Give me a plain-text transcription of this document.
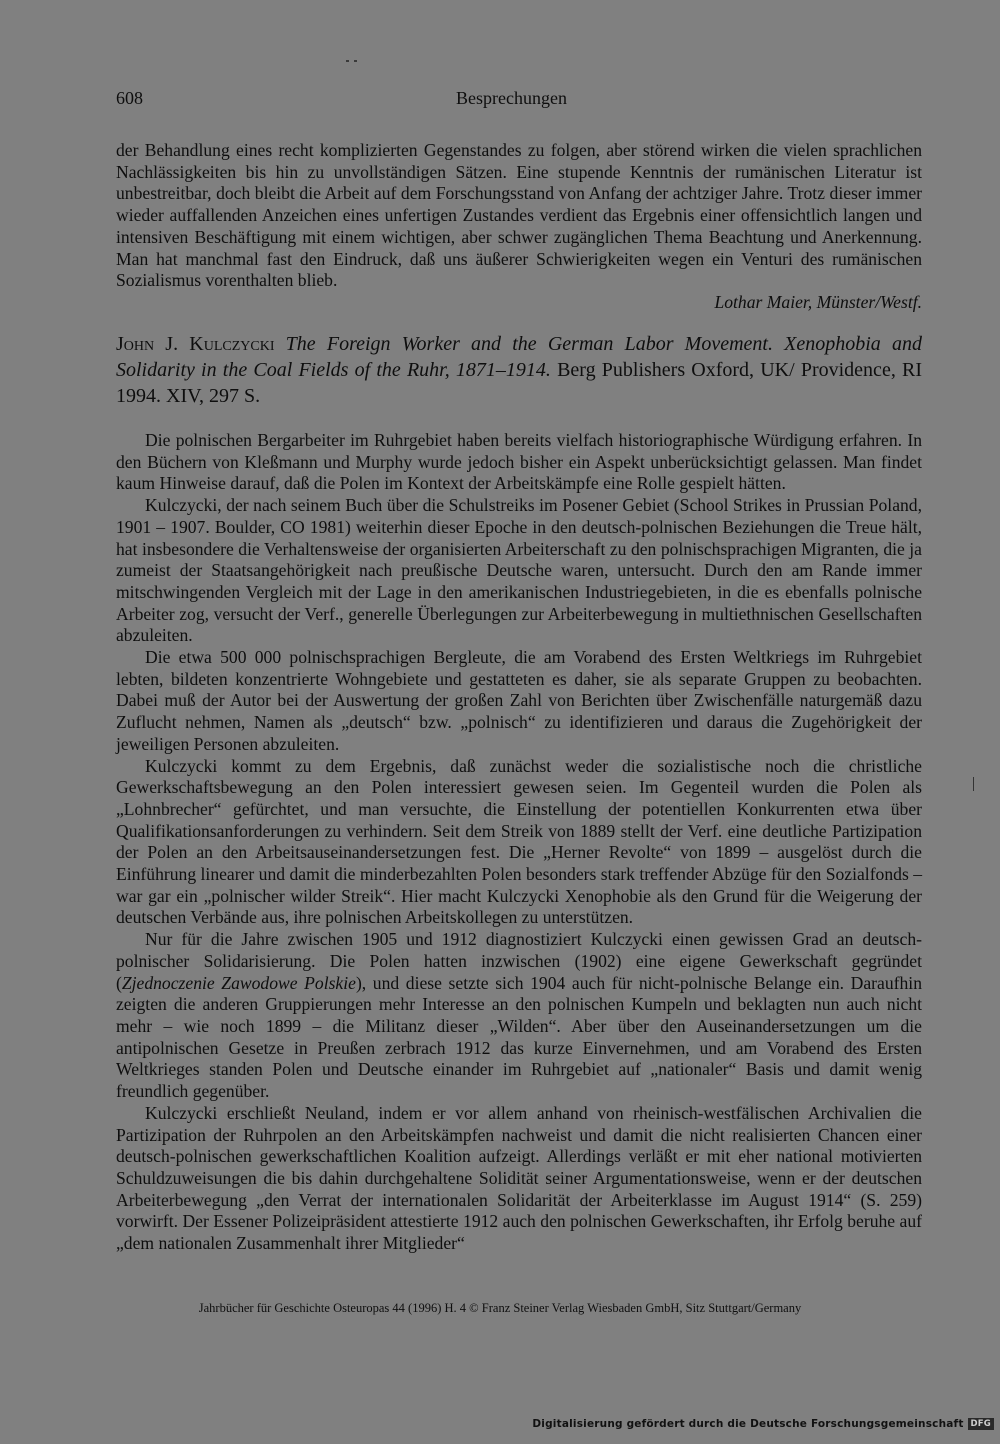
608	Besprechungen

der Behandlung eines recht komplizierten Gegenstandes zu folgen, aber störend wirken die vielen sprachlichen Nachlässigkeiten bis hin zu unvollständigen Sätzen. Eine stupende Kenntnis der rumänischen Literatur ist unbestreitbar, doch bleibt die Arbeit auf dem Forschungsstand von Anfang der achtziger Jahre. Trotz dieser immer wieder auffallenden Anzeichen eines unfertigen Zustandes verdient das Ergebnis einer offensichtlich langen und intensiven Beschäftigung mit einem wichtigen, aber schwer zugänglichen Thema Beachtung und Anerkennung. Man hat manchmal fast den Eindruck, daß uns äußerer Schwierigkeiten wegen ein Venturi des rumänischen Sozialismus vorenthalten blieb.

Lothar Maier, Münster/Westf.

John J. Kulczycki The Foreign Worker and the German Labor Movement. Xenophobia and Solidarity in the Coal Fields of the Ruhr, 1871–1914. Berg Publishers Oxford, UK/ Providence, RI 1994. XIV, 297 S.

Die polnischen Bergarbeiter im Ruhrgebiet haben bereits vielfach historiographische Würdigung erfahren. In den Büchern von Kleßmann und Murphy wurde jedoch bisher ein Aspekt unberücksichtigt gelassen. Man findet kaum Hinweise darauf, daß die Polen im Kontext der Arbeitskämpfe eine Rolle gespielt hätten.

Kulczycki, der nach seinem Buch über die Schulstreiks im Posener Gebiet (School Strikes in Prussian Poland, 1901 – 1907. Boulder, CO 1981) weiterhin dieser Epoche in den deutsch-polnischen Beziehungen die Treue hält, hat insbesondere die Verhaltensweise der organisierten Arbeiterschaft zu den polnischsprachigen Migranten, die ja zumeist der Staatsangehörigkeit nach preußische Deutsche waren, untersucht. Durch den am Rande immer mitschwingenden Vergleich mit der Lage in den amerikanischen Industriegebieten, in die es ebenfalls polnische Arbeiter zog, versucht der Verf., generelle Überlegungen zur Arbeiterbewegung in multiethnischen Gesellschaften abzuleiten.

Die etwa 500 000 polnischsprachigen Bergleute, die am Vorabend des Ersten Weltkriegs im Ruhrgebiet lebten, bildeten konzentrierte Wohngebiete und gestatteten es daher, sie als separate Gruppen zu beobachten. Dabei muß der Autor bei der Auswertung der großen Zahl von Berichten über Zwischenfälle naturgemäß dazu Zuflucht nehmen, Namen als „deutsch“ bzw. „polnisch“ zu identifizieren und daraus die Zugehörigkeit der jeweiligen Personen abzuleiten.

Kulczycki kommt zu dem Ergebnis, daß zunächst weder die sozialistische noch die christliche Gewerkschaftsbewegung an den Polen interessiert gewesen seien. Im Gegenteil wurden die Polen als „Lohnbrecher“ gefürchtet, und man versuchte, die Einstellung der potentiellen Konkurrenten etwa über Qualifikationsanforderungen zu verhindern. Seit dem Streik von 1889 stellt der Verf. eine deutliche Partizipation der Polen an den Arbeitsauseinandersetzungen fest. Die „Herner Revolte“ von 1899 – ausgelöst durch die Einführung linearer und damit die minderbezahlten Polen besonders stark treffender Abzüge für den Sozialfonds – war gar ein „polnischer wilder Streik“. Hier macht Kulczycki Xenophobie als den Grund für die Weigerung der deutschen Verbände aus, ihre polnischen Arbeitskollegen zu unterstützen.

Nur für die Jahre zwischen 1905 und 1912 diagnostiziert Kulczycki einen gewissen Grad an deutsch-polnischer Solidarisierung. Die Polen hatten inzwischen (1902) eine eigene Gewerkschaft gegründet (Zjednoczenie Zawodowe Polskie), und diese setzte sich 1904 auch für nicht-polnische Belange ein. Daraufhin zeigten die anderen Gruppierungen mehr Interesse an den polnischen Kumpeln und beklagten nun auch nicht mehr – wie noch 1899 – die Militanz dieser „Wilden“. Aber über den Auseinandersetzungen um die antipolnischen Gesetze in Preußen zerbrach 1912 das kurze Einvernehmen, und am Vorabend des Ersten Weltkrieges standen Polen und Deutsche einander im Ruhrgebiet auf „nationaler“ Basis und damit wenig freundlich gegenüber.

Kulczycki erschließt Neuland, indem er vor allem anhand von rheinisch-westfälischen Archivalien die Partizipation der Ruhrpolen an den Arbeitskämpfen nachweist und damit die nicht realisierten Chancen einer deutsch-polnischen gewerkschaftlichen Koalition aufzeigt. Allerdings verläßt er mit eher national motivierten Schuldzuweisungen die bis dahin durchgehaltene Solidität seiner Argumentationsweise, wenn er der deutschen Arbeiterbewegung „den Verrat der internationalen Solidarität der Arbeiterklasse im August 1914“ (S. 259) vorwirft. Der Essener Polizeipräsident attestierte 1912 auch den polnischen Gewerkschaften, ihr Erfolg beruhe auf „dem nationalen Zusammenhalt ihrer Mitglieder“

Jahrbücher für Geschichte Osteuropas 44 (1996) H. 4 © Franz Steiner Verlag Wiesbaden GmbH, Sitz Stuttgart/Germany
Digitalisierung gefördert durch die Deutsche Forschungsgemeinschaft DFG
